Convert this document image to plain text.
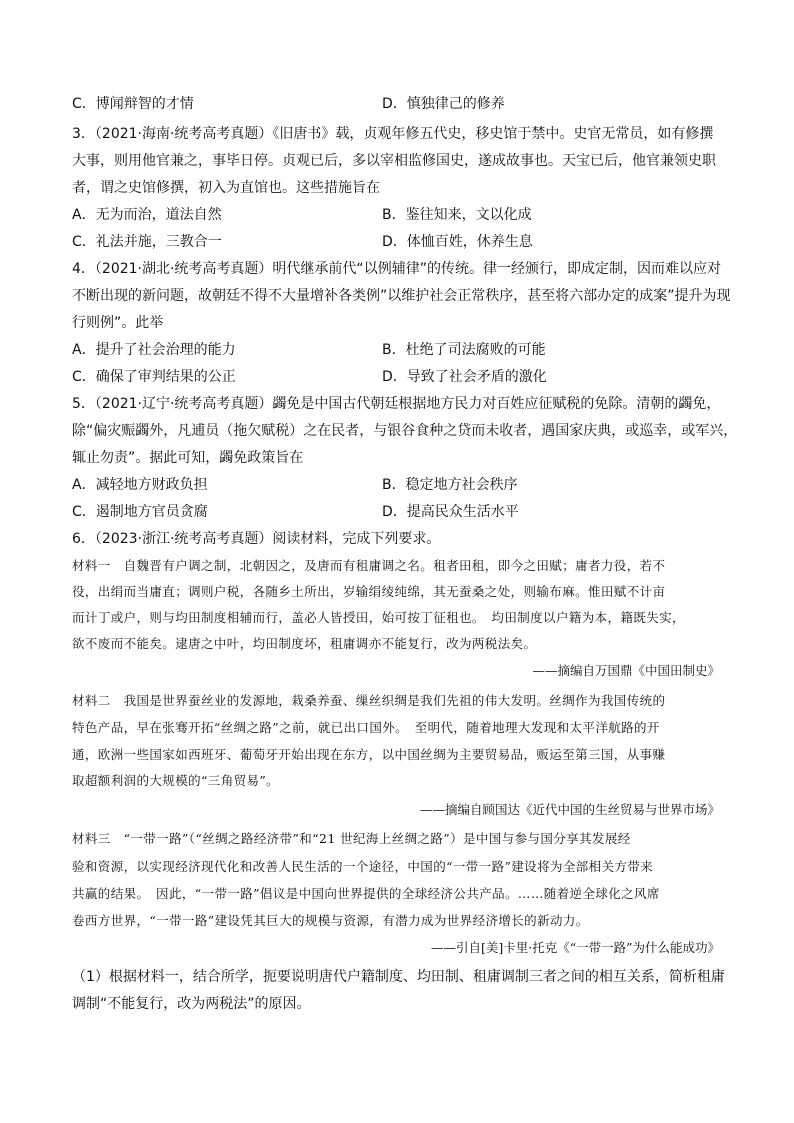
C．博闻辩智的才情	D．慎独律己的修养
3．（2021·海南·统考高考真题）《旧唐书》载，贞观年修五代史，移史馆于禁中。史官无常员，如有修撰
大事，则用他官兼之，事毕日停。贞观已后，多以宰相监修国史，遂成故事也。天宝已后，他官兼领史职
者，谓之史馆修撰，初入为直馆也。这些措施旨在
A．无为而治，道法自然	B．鉴往知来，文以化成
C．礼法并施，三教合一	D．体恤百姓，休养生息
4．（2021·湖北·统考高考真题）明代继承前代“以例辅律”的传统。律一经颁行，即成定制，因而难以应对
不断出现的新问题，故朝廷不得不大量增补各类例”以维护社会正常秩序，甚至将六部办定的成案”提升为现
行则例”。此举
A．提升了社会治理的能力	B．杜绝了司法腐败的可能
C．确保了审判结果的公正	D．导致了社会矛盾的激化
5．（2021·辽宁·统考高考真题）蠲免是中国古代朝廷根据地方民力对百姓应征赋税的免除。清朝的蠲免，
除“偏灾赈蠲外，凡逋员（拖欠赋税）之在民者，与银谷食种之贷而未收者，遇国家庆典，或巡幸，或军兴，
辄止勿责”。据此可知，蠲免政策旨在
A．减轻地方财政负担	B．稳定地方社会秩序
C．遏制地方官员贪腐	D．提高民众生活水平
6．（2023·浙江·统考高考真题）阅读材料，完成下列要求。
材料一　自魏晋有户调之制，北朝因之，及唐而有租庸调之名。租者田租，即今之田赋；庸者力役，若不
役，出绢而当庸直；调则户税，各随乡土所出，岁输绢绫纯绵，其无蚕桑之处，则输布麻。惟田赋不计亩
而计丁或户，则与均田制度相辅而行，盖必人皆授田，始可按丁征租也。　均田制度以户籍为本，籍既失实，
欲不废而不能矣。逮唐之中叶，均田制度坏，租庸调亦不能复行，改为两税法矣。
——摘编自万国鼎《中国田制史》
材料二　我国是世界蚕丝业的发源地，栽桑养蚕、缫丝织绸是我们先祖的伟大发明。丝绸作为我国传统的
特色产品，早在张骞开拓“丝绸之路”之前，就已出口国外。　至明代，随着地理大发现和太平洋航路的开
通，欧洲一些国家如西班牙、葡萄牙开始出现在东方，以中国丝绸为主要贸易品，贩运至第三国，从事赚
取超额利润的大规模的“三角贸易”。
——摘编自顾国达《近代中国的生丝贸易与世界市场》
材料三　“一带一路”（“丝绸之路经济带”和“21 世纪海上丝绸之路”）是中国与参与国分享其发展经
验和资源，以实现经济现代化和改善人民生活的一个途径，中国的“一带一路”建设将为全部相关方带来
共赢的结果。　因此，“一带一路”倡议是中国向世界提供的全球经济公共产品。……随着逆全球化之风席
卷西方世界，“一带一路”建设凭其巨大的规模与资源，有潜力成为世界经济增长的新动力。
——引自[美]卡里·托克《“一带一路”为什么能成功》
（1）根据材料一，结合所学，扼要说明唐代户籍制度、均田制、租庸调制三者之间的相互关系，简析租庸
调制“不能复行，改为两税法”的原因。
